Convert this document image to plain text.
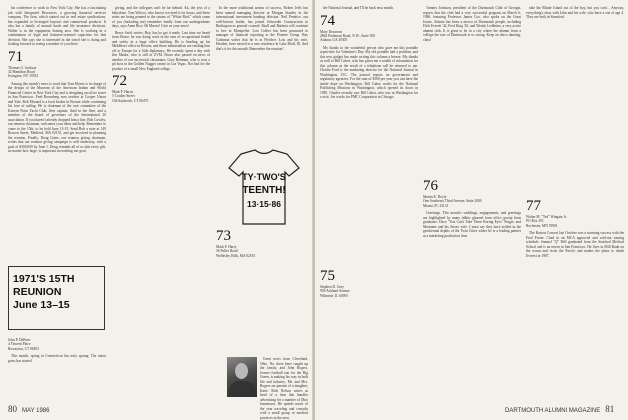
his conference to work in New York City. She has a fascinating job with Integrated Resources, a growing financial services company. The firm, which started out in real estate syndications, has expanded to leveraged buyouts and commercial products. It also has a family of mutual funds and life insurance divisions. Walter is in the equipment leasing area. She is working in a combination of legal and business-oriented capacities for that division. She says she is interested in the travel she is doing and looking forward to seeing a number of you there.

71
Thomas G. Jackson
32 Hamilton Road
Irvington, NY 10533

Among this month's news is word that Tom Morris is in charge of the design of the Museum of the American Indian and World Financial Center in New York City and is designing an office tower in San Francisco. Fred Rosenberg now teaches at Cooper Union and Yale. Bob Morand is a food broker in Boston while continuing his love of sailing. He is chairman of the race committee of the Eastern Point Yacht Club, fleet captain, third in the fleet, and a member of the board of governors of the International 20 association. If you haven't already dropped him a line, Bob Cowley, our reunion chairman, welcomes your ideas and help. Remember to come to the 15th, to be held June 13-15. Send Bob a note at 149 Beacon Street, Medford, MA 02155, and get involved in planning the reunion. Finally, Doug Gates, our reunion giving chairman, writes that our reunion giving campaign is well underway, with a goal of $300,000 by June 1. Doug reminds all of us that every gift, no matter how large, is important in reaching our goal.

1971'S 15TH
REUNION
June 13–15
John P. DeBoer
4 Vincent Place
Rowayton, CT 06853

This month, spring in Connecticut has truly sprung. The onion grass has started

giving, and the collegues can't be far behind. Ah, the joys of a babydone. Tom Wilcox, who knows we need it for hours, and these notes are being penned to the strains of "White Bird," which some of you (including me) remember fondly from our undergraduate days, says Anne Rice. Hi Marcia! Give us your news!

Bruce Swift writes: Boy, has he got it made. Last time we heard from Bruce, he was doing work in the area of occupational health and safety in a large office building. He is heading up his Middlesex office in Boston, and those industrialists are sending him off to Europe for a little diplomacy. He recently spent a day with Jim Meaks, who is still at UVM. Bruce also passed on news of another of our successful classmates, Gary Bohman, who is now a pit boss in the Golden Nugget casino in Las Vegas. Not bad for the product of a small New England college.

72
Mark F. Harris
5 Coulter Street
Old Saybrook, CT 06475

In the more traditional arenas of success, Robert Jeffs has been named managing director at Morgan Stanley in the international investment banking division. Neil Prentice, our well-known leader, has joined Schroeder Construction in Burlington as general counsel. Skull and Barbera will continue to live in Montpelier. Lois Collier has been promoted to manager of financial reporting at the Pioneer Group. Ray Cashman writes that he is at Fletcher. Lois and his wife, Heather, have moved to a new residence in Lake Bluff, Ill. And that's it for this month. Remember the reunion!

TY·TWO'S
TEENTH!
13·15·86
73
Mark F. Harry
36 Fuller Road
Wellesley Hills, MA 02181

Great news from Cleveland, Ohio. No. three have caught up the family, and John Rogers, former football star for the Big Green, is making his way in both life and industry. Mr. and Mrs. Rogers are parents of a daughter, Katie. Rich Nelson writes as head of a firm that handles advertising for a number of Ohio businesses. He spends much of the year traveling and consults with a small group of medical practices in the area.

80 MAY 1986

the National Journal, and I'll be back next month.

74
Mary Donovan
2864 Piedmont Road, N.W., Suite 500
Atlanta, GA 30305

My thanks to the wonderful person who gave me this portable typewriter for Valentine's Day. My old portable had a problem, and this new gadget has made writing this column a breeze. My thanks as well to Bill Cahoe, who has given me a wealth of information for this column as the result of a telephone call he returned to me. Charlie Ford is the marketing director for the National Journal in Washington, D.C. The journal reports on government and regulatory agencies. For the sum of $500 per year you can have the inside dope on Washington. Bill Cahoe works for the National Publishing Missions in Washington, which opened its doors in 1985. Charles recently saw Bill Cabot, who was in Washington for a visit. Joe works for PMC Corporation in Chicago.

75
Stephen D. Grey
958 Ashland Avenue
Wilmette, IL 60091

Tommy Johnson, president of the Dartmouth Club of Georgia, reports that the club had a very successful program on March 6, 1986, featuring Professor James Cox, who spoke on the Great Issues. Atlanta has been a mecca of Dartmouth people, including Dick Everett '42, Fred King '45, and Wendy Ledbetter, a very active alumni club. It is great to be in a city where the alumni from a college the size of Dartmouth is so strong. Keep on disco dancing, class!

76
Martin E. Doyle
One Southeast Third Avenue, Suite 2000
Miami, FL 33131

Greetings. This month's weddings, engagements, and greetings are highlighted by many tidbits gleaned from office gossip from graduates: Dave "You Can't Take These Boring Eyes" Prager, and Marianne and his Jersey wife. I must say they have settled in the geothermal depths of the Twin Cities where he is a leading partner at a marketing production firm.

take the Rhode Island out of the boy, but you can't... Anyway, everything's okay with John and his wife, who have a son of age 4. They are both in Stamford.

77
Walter M. "Ted" Wingate Jr.
PO Box 291
Rochester, MN 55901

The Boston Concert last October was a stunning success with the Fred Foster. Chad in an MCA approved and sold-out touring schedule. Samuel "Q" Bell graduated from the Stanford Medical School and is an intern in San Francisco. He lives in Mill Bank on the ocean and visits the Pacific and makes the plans to climb Everest in 1987.

DARTMOUTH ALUMNI MAGAZINE 81
